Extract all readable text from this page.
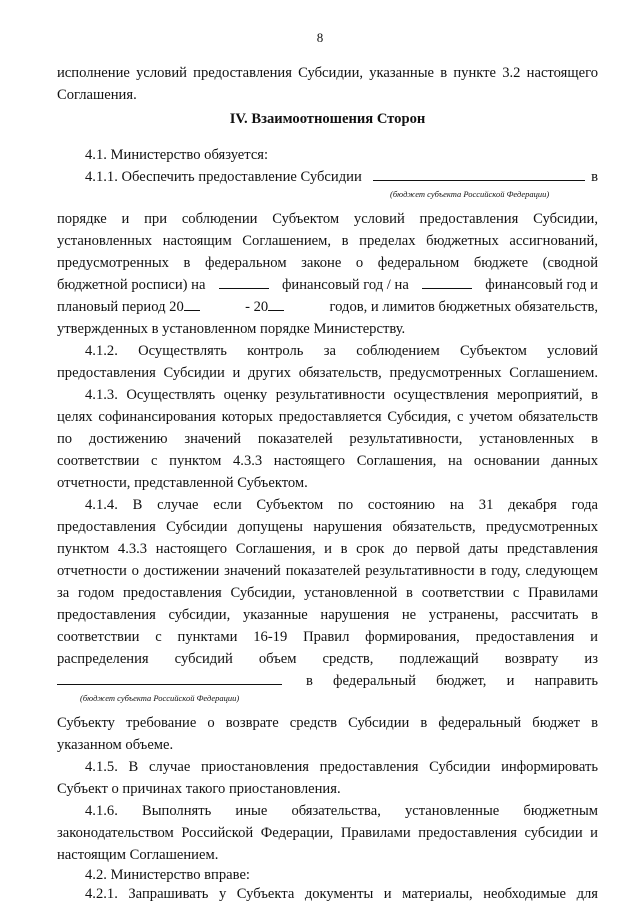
8
исполнение условий предоставления Субсидии, указанные в пункте 3.2 настоящего
Соглашения.
IV. Взаимоотношения Сторон
4.1. Министерство обязуется:
4.1.1. Обеспечить предоставление Субсидии	в
(бюджет субъекта Российской Федерации)
порядке и при соблюдении Субъектом условий предоставления Субсидии,
установленных настоящим Соглашением, в пределах бюджетных ассигнований,
предусмотренных в федеральном законе о федеральном бюджете (сводной
бюджетной росписи) на	финансовый год / на	финансовый год и
плановый период 20	- 20	годов, и лимитов бюджетных обязательств,
утвержденных в установленном порядке Министерству.
4.1.2. Осуществлять контроль за соблюдением Субъектом условий
предоставления Субсидии и других обязательств, предусмотренных Соглашением.
4.1.3. Осуществлять оценку результативности осуществления мероприятий, в
целях софинансирования которых предоставляется Субсидия, с учетом обязательств
по достижению значений показателей результативности, установленных в
соответствии с пунктом 4.3.3 настоящего Соглашения, на основании данных
отчетности, представленной Субъектом.
4.1.4. В случае если Субъектом по состоянию на 31 декабря года
предоставления Субсидии допущены нарушения обязательств, предусмотренных
пунктом 4.3.3 настоящего Соглашения, и в срок до первой даты представления
отчетности о достижении значений показателей результативности в году, следующем
за годом предоставления Субсидии, установленной в соответствии с Правилами
предоставления субсидии, указанные нарушения не устранены, рассчитать в
соответствии с пунктами 16-19 Правил формирования, предоставления и
распределения субсидий объем средств, подлежащий возврату из
в федеральный бюджет, и направить
(бюджет субъекта Российской Федерации)
Субъекту требование о возврате средств Субсидии в федеральный бюджет в
указанном объеме.
4.1.5. В случае приостановления предоставления Субсидии информировать
Субъект о причинах такого приостановления.
4.1.6. Выполнять иные обязательства, установленные бюджетным
законодательством Российской Федерации, Правилами предоставления субсидии и
настоящим Соглашением.
4.2. Министерство вправе:
4.2.1. Запрашивать у Субъекта документы и материалы, необходимые для
